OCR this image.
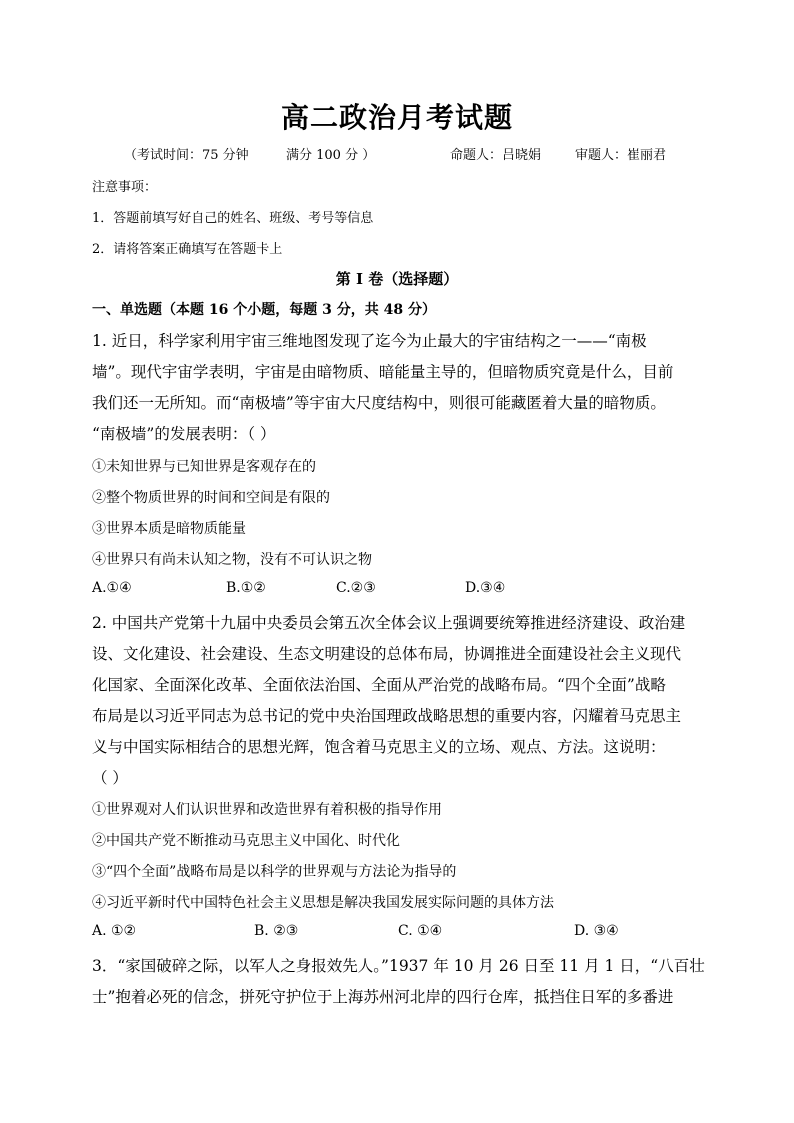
高二政治月考试题
（考试时间：75 分钟	满分 100 分 ）	命题人：吕晓娟	审题人：崔丽君
注意事项：
1．答题前填写好自己的姓名、班级、考号等信息
2．请将答案正确填写在答题卡上
第 I 卷（选择题）
一、单选题（本题 16 个小题，每题 3 分，共 48 分）
1. 近日，科学家利用宇宙三维地图发现了迄今为止最大的宇宙结构之一——“南极
墙”。现代宇宙学表明，宇宙是由暗物质、暗能量主导的，但暗物质究竟是什么，目前
我们还一无所知。而“南极墙”等宇宙大尺度结构中，则很可能藏匿着大量的暗物质。
“南极墙”的发展表明：（ ）
①未知世界与已知世界是客观存在的
②整个物质世界的时间和空间是有限的
③世界本质是暗物质能量
④世界只有尚未认知之物，没有不可认识之物
A.①④	B.①②	C.②③	D.③④
2. 中国共产党第十九届中央委员会第五次全体会议上强调要统筹推进经济建设、政治建
设、文化建设、社会建设、生态文明建设的总体布局，协调推进全面建设社会主义现代
化国家、全面深化改革、全面依法治国、全面从严治党的战略布局。“四个全面”战略
布局是以习近平同志为总书记的党中央治国理政战略思想的重要内容，闪耀着马克思主
义与中国实际相结合的思想光辉，饱含着马克思主义的立场、观点、方法。这说明：
（ ）
①世界观对人们认识世界和改造世界有着积极的指导作用
②中国共产党不断推动马克思主义中国化、时代化
③“四个全面”战略布局是以科学的世界观与方法论为指导的
④习近平新时代中国特色社会主义思想是解决我国发展实际问题的具体方法
A. ①②	B. ②③	C. ①④	D. ③④
3．“家国破碎之际，以军人之身报效先人。”1937 年 10 月 26 日至 11 月 1 日，“八百壮
士”抱着必死的信念，拼死守护位于上海苏州河北岸的四行仓库，抵挡住日军的多番进
